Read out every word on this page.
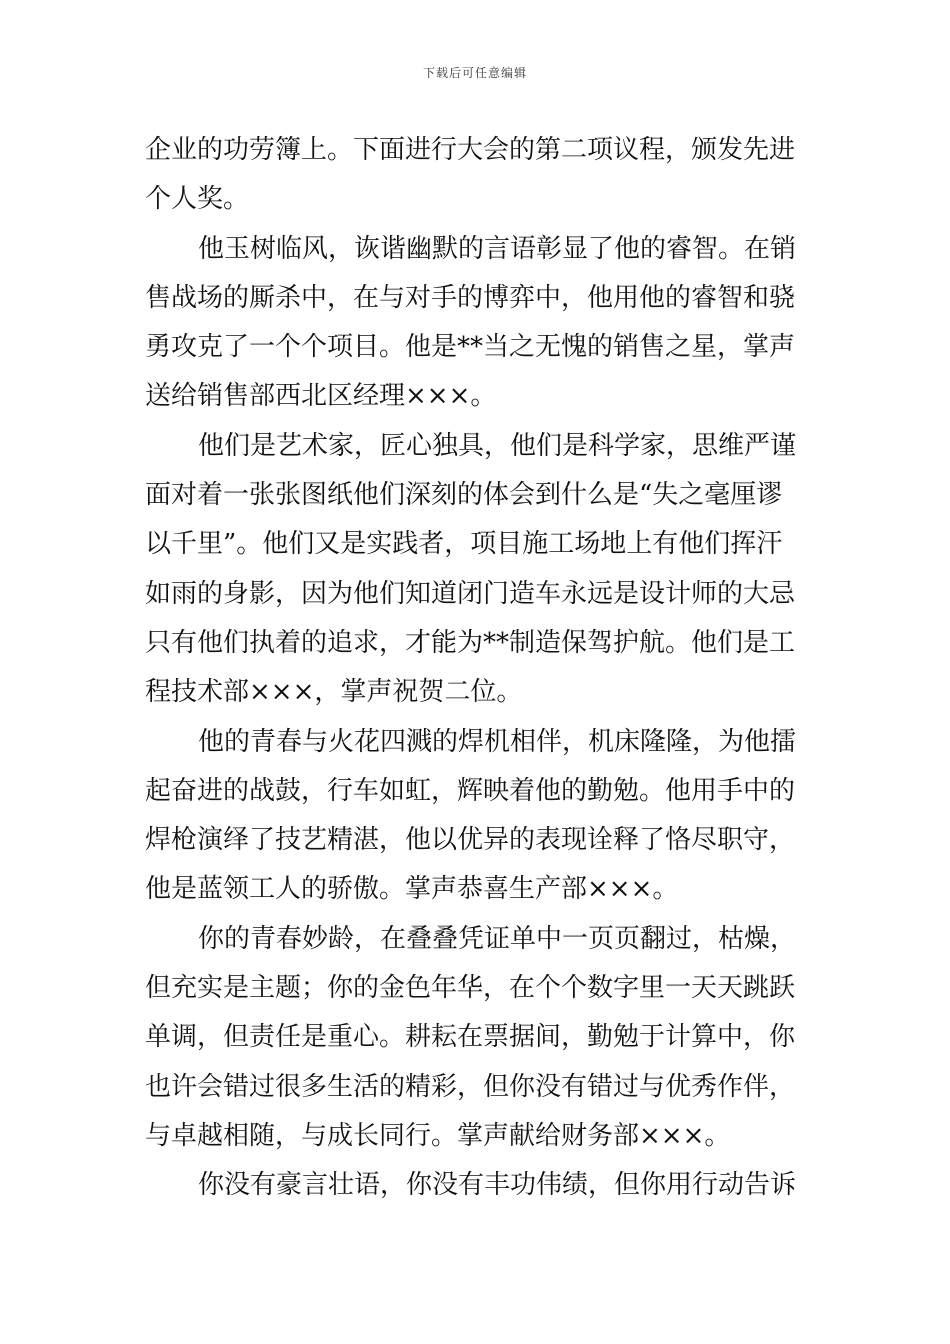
下载后可任意编辑
企业的功劳簿上。下面进行大会的第二项议程，颁发先进
个人奖。
他玉树临风，诙谐幽默的言语彰显了他的睿智。在销
售战场的厮杀中，在与对手的博弈中，他用他的睿智和骁
勇攻克了一个个项目。他是**当之无愧的销售之星，掌声
送给销售部西北区经理×××。
他们是艺术家，匠心独具，他们是科学家，思维严谨
面对着一张张图纸他们深刻的体会到什么是“失之毫厘谬
以千里”。他们又是实践者，项目施工场地上有他们挥汗
如雨的身影，因为他们知道闭门造车永远是设计师的大忌
只有他们执着的追求，才能为**制造保驾护航。他们是工
程技术部×××，掌声祝贺二位。
他的青春与火花四溅的焊机相伴，机床隆隆，为他擂
起奋进的战鼓，行车如虹，辉映着他的勤勉。他用手中的
焊枪演绎了技艺精湛，他以优异的表现诠释了恪尽职守，
他是蓝领工人的骄傲。掌声恭喜生产部×××。
你的青春妙龄，在叠叠凭证单中一页页翻过，枯燥，
但充实是主题；你的金色年华，在个个数字里一天天跳跃
单调，但责任是重心。耕耘在票据间，勤勉于计算中，你
也许会错过很多生活的精彩，但你没有错过与优秀作伴，
与卓越相随，与成长同行。掌声献给财务部×××。
你没有豪言壮语，你没有丰功伟绩，但你用行动告诉
